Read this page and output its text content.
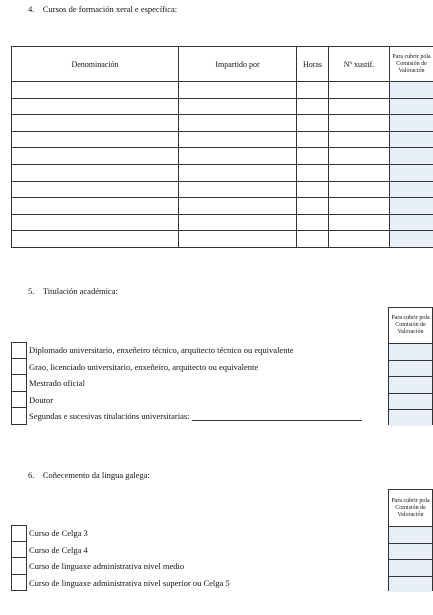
4.    Cursos de formación xeral e específica:
Denominación	Impartido por	Horas	Nº xustif.	Para cubrir pola Comisión de Valoración

5.    Titulación académica:
Para cubrir pola Comisión de Valoración
Diplomado universitario, enxeñeiro técnico, arquitecto técnico ou equivalente
Grao, licenciado universitario, enxeñeiro, arquitecto ou equivalente
Mestrado oficial
Doutor
Segundas e sucesivas titulacións universitarias:
6.    Coñecemento da lingua galega:
Para cubrir pola Comisión de Valoración
Curso de Celga 3
Curso de Celga 4
Curso de linguaxe administrativa nivel medio
Curso de linguaxe administrativa nivel superior ou Celga 5
